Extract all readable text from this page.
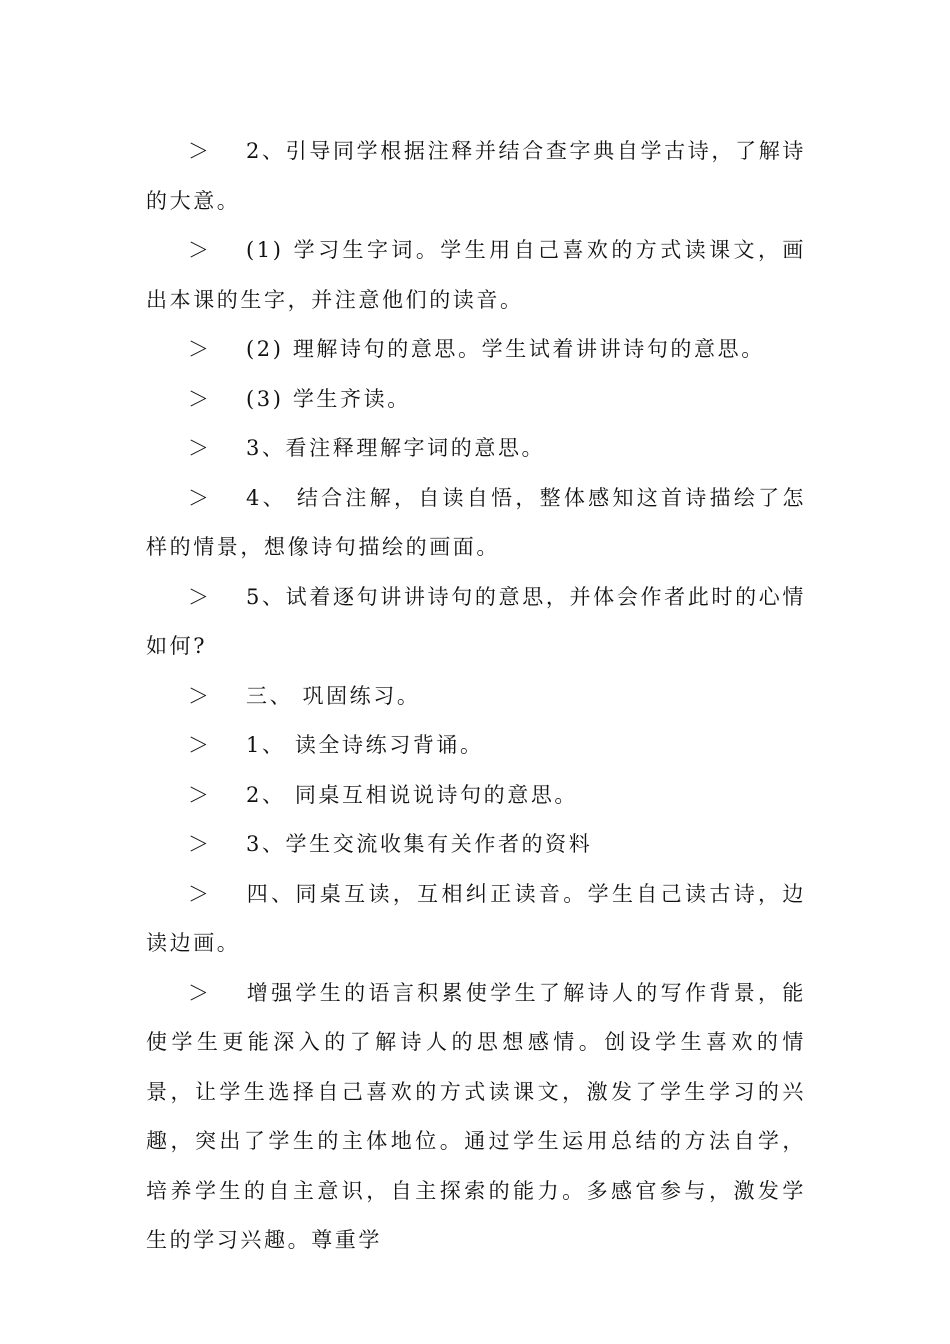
＞ 2、引导同学根据注释并结合查字典自学古诗，了解诗的大意。

＞ (1) 学习生字词。学生用自己喜欢的方式读课文，画出本课的生字，并注意他们的读音。

＞ (2) 理解诗句的意思。学生试着讲讲诗句的意思。

＞ (3) 学生齐读。

＞ 3、看注释理解字词的意思。

＞ 4、 结合注解，自读自悟，整体感知这首诗描绘了怎样的情景，想像诗句描绘的画面。

＞ 5、试着逐句讲讲诗句的意思，并体会作者此时的心情如何?

＞ 三、 巩固练习。

＞ 1、 读全诗练习背诵。

＞ 2、 同桌互相说说诗句的意思。

＞ 3、学生交流收集有关作者的资料

＞ 四、同桌互读，互相纠正读音。学生自己读古诗，边读边画。

＞ 增强学生的语言积累使学生了解诗人的写作背景，能使学生更能深入的了解诗人的思想感情。创设学生喜欢的情景，让学生选择自己喜欢的方式读课文，激发了学生学习的兴趣，突出了学生的主体地位。通过学生运用总结的方法自学，培养学生的自主意识，自主探索的能力。多感官参与，激发学生的学习兴趣。尊重学
